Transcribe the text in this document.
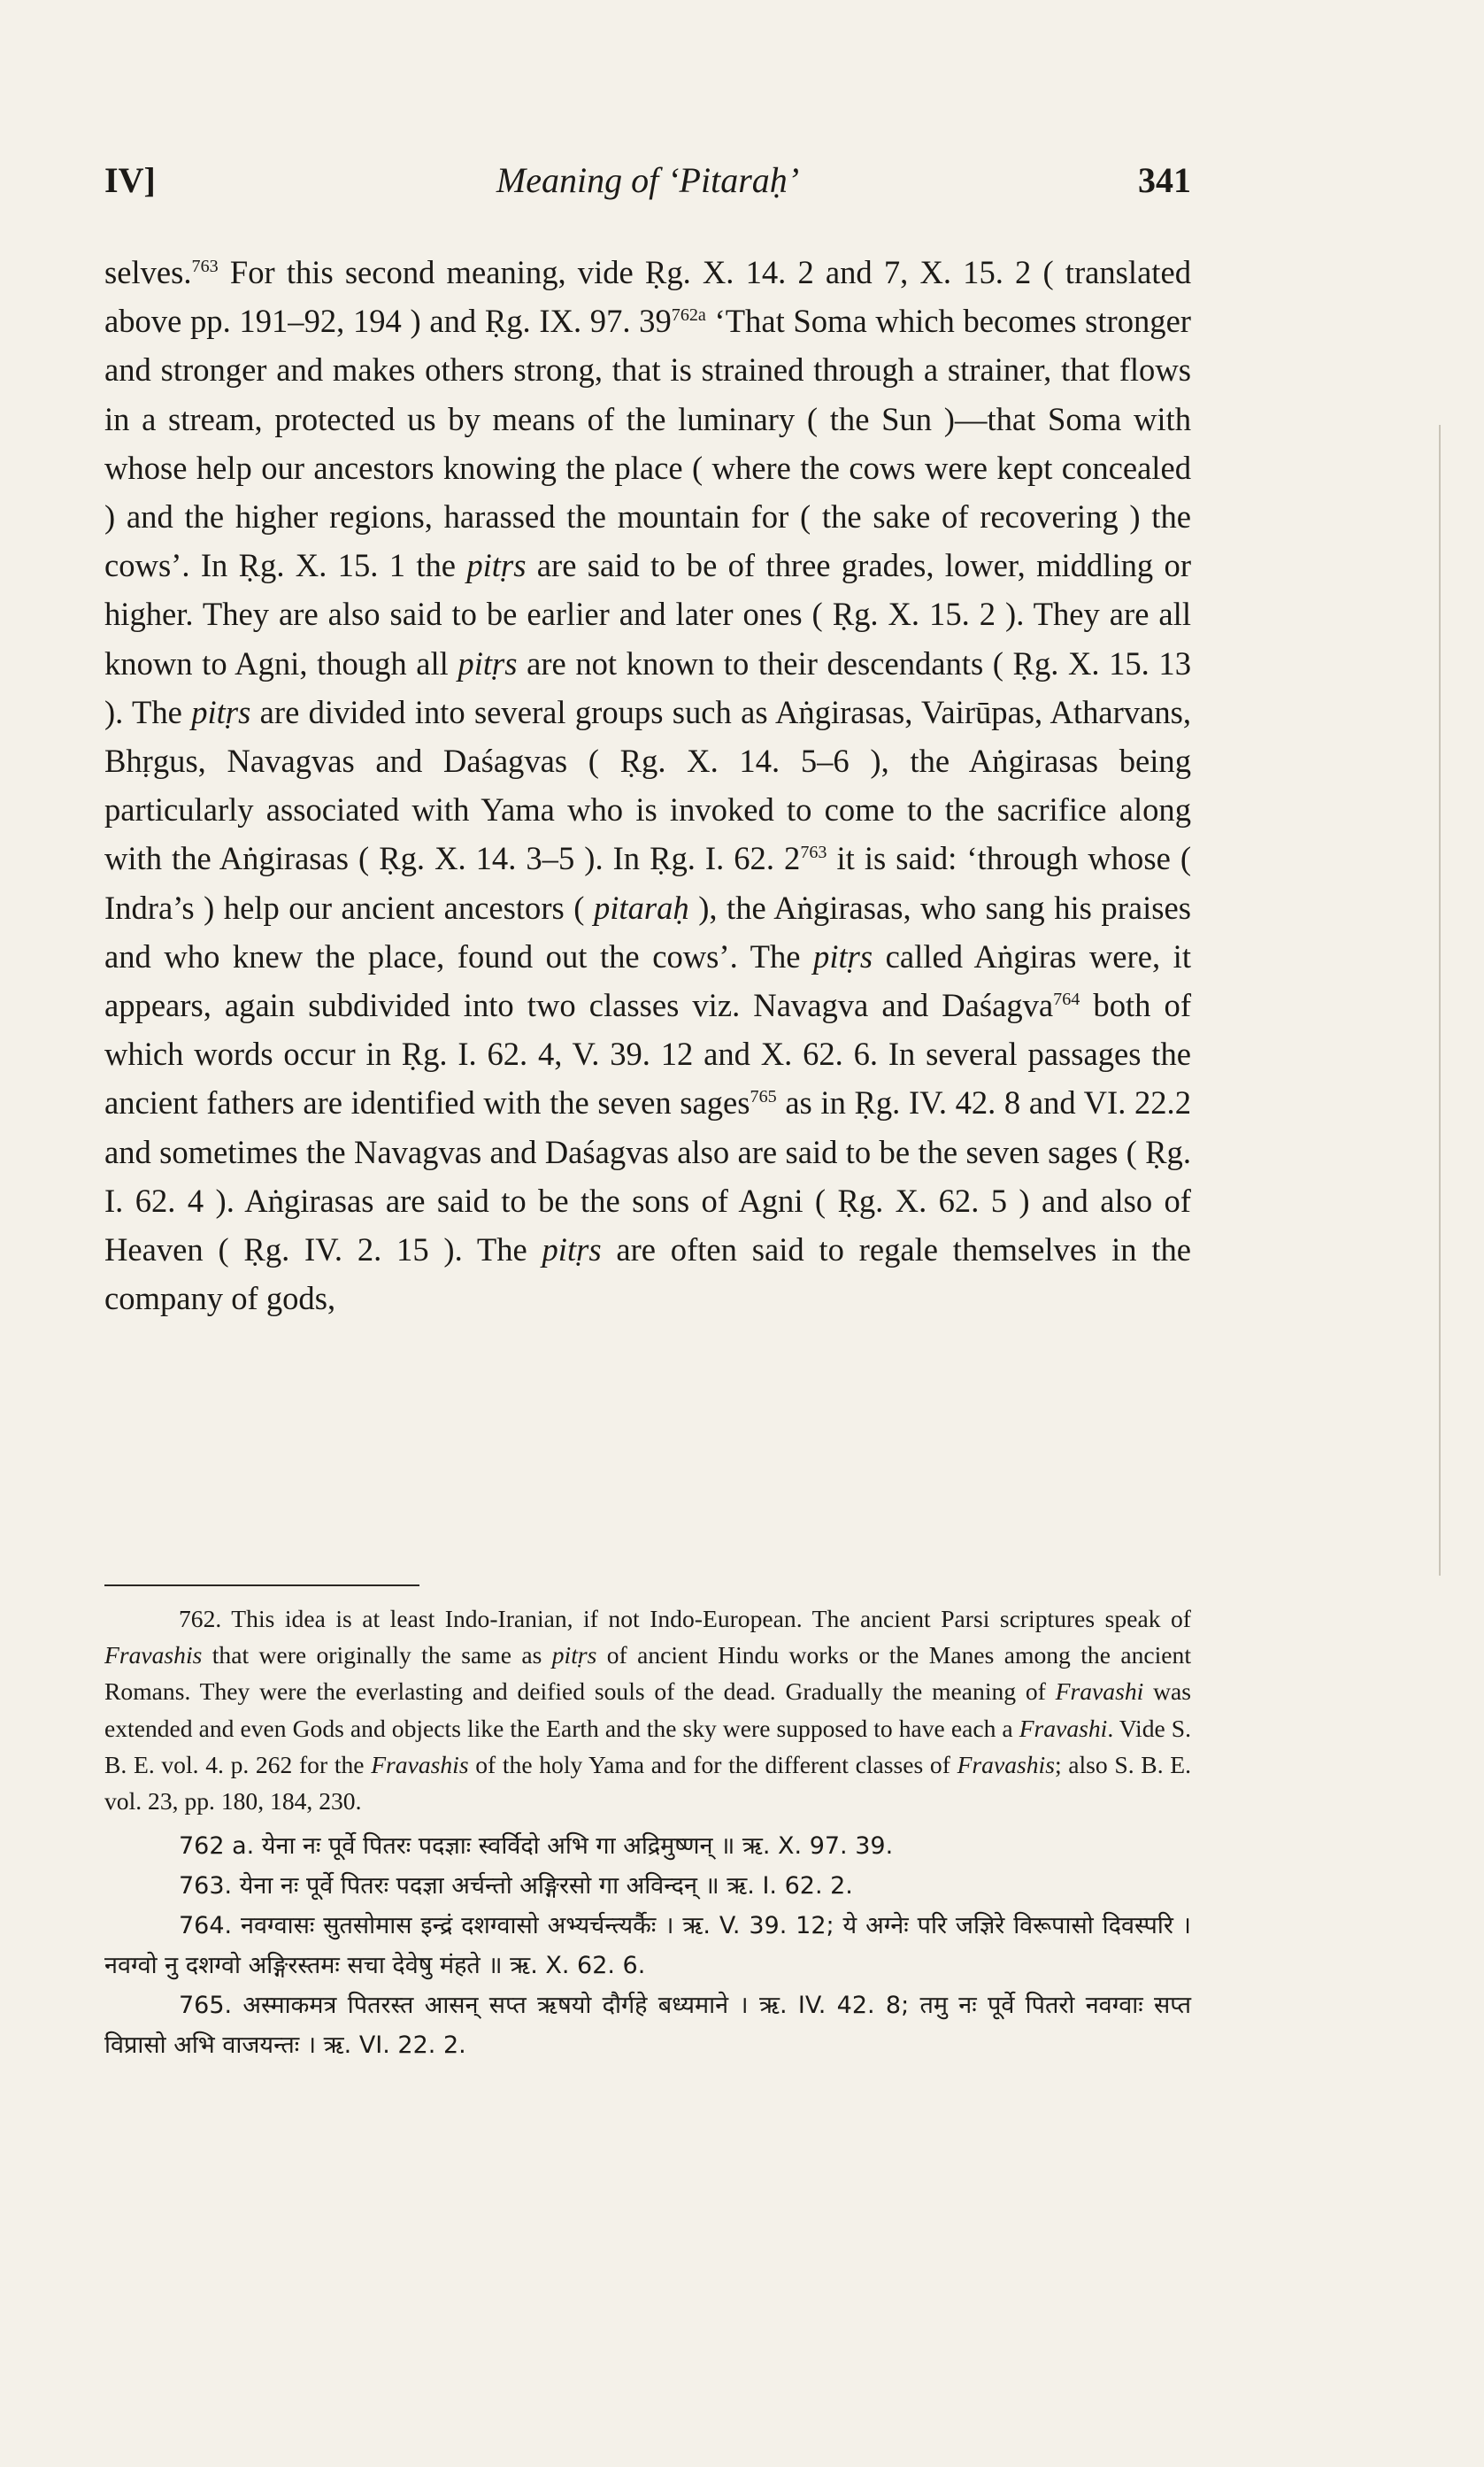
IV]	Meaning of ‘Pitaraḥ’	341
selves.$^{763}$ For this second meaning, vide Ṛg. X. 14. 2 and 7, X. 15. 2 ( translated above pp. 191–92, 194 ) and Ṛg. IX. 97. $39^{762a}$ ‘That Soma which becomes stronger and stronger and makes others strong, that is strained through a strainer, that flows in a stream, protected us by means of the luminary ( the Sun )—that Soma with whose help our ancestors knowing the place ( where the cows were kept concealed ) and the higher regions, harassed the mountain for ( the sake of recovering ) the cows’. In Ṛg. X. 15. 1 the pitṛs are said to be of three grades, lower, middling or higher. They are also said to be earlier and later ones ( Ṛg. X. 15. 2 ). They are all known to Agni, though all pitṛs are not known to their descendants ( Ṛg. X. 15. 13 ). The pitṛs are divided into several groups such as Aṅgirasas, Vairūpas, Atharvans, Bhṛgus, Navagvas and Daśagvas ( Ṛg. X. 14. 5–6 ), the Aṅgirasas being particularly associated with Yama who is invoked to come to the sacrifice along with the Aṅgirasas ( Ṛg. X. 14. 3–5 ). In Ṛg. I. 62. $2^{763}$ it is said: ‘through whose ( Indra’s ) help our ancient ancestors ( pitaraḥ ), the Aṅgirasas, who sang his praises and who knew the place, found out the cows’. The pitṛs called Aṅgiras were, it appears, again subdivided into two classes viz. Navagva and Daśagva$^{764}$ both of which words occur in Ṛg. I. 62. 4, V. 39. 12 and X. 62. 6. In several passages the ancient fathers are identified with the seven sages$^{765}$ as in Ṛg. IV. 42. 8 and VI. 22.2 and sometimes the Navagvas and Daśagvas also are said to be the seven sages ( Ṛg. I. 62. 4 ). Aṅgirasas are said to be the sons of Agni ( Ṛg. X. 62. 5 ) and also of Heaven ( Ṛg. IV. 2. 15 ). The pitṛs are often said to regale themselves in the company of gods,

762. This idea is at least Indo-Iranian, if not Indo-European. The ancient Parsi scriptures speak of Fravashis that were originally the same as pitṛs of ancient Hindu works or the Manes among the ancient Romans. They were the everlasting and deified souls of the dead. Gradually the meaning of Fravashi was extended and even Gods and objects like the Earth and the sky were supposed to have each a Fravashi. Vide S. B. E. vol. 4. p. 262 for the Fravashis of the holy Yama and for the different classes of Fravashis; also S. B. E. vol. 23, pp. 180, 184, 230.

762 a. येना नः पूर्वे पितरः पदज्ञाः स्वर्विदो अभि गा अद्रिमुष्णन् ॥ ऋ. X. 97. 39.

763. येना नः पूर्वे पितरः पदज्ञा अर्चन्तो अङ्गिरसो गा अविन्दन् ॥ ऋ. I. 62. 2.

764. नवग्वासः सुतसोमास इन्द्रं दशग्वासो अभ्यर्चन्त्यर्कैः । ऋ. V. 39. 12; ये अग्नेः परि जज्ञिरे विरूपासो दिवस्परि । नवग्वो नु दशग्वो अङ्गिरस्तमः सचा देवेषु मंहते ॥ ऋ. X. 62. 6.

765. अस्माकमत्र पितरस्त आसन् सप्त ऋषयो दौर्गहे बध्यमाने । ऋ. IV. 42. 8; तमु नः पूर्वे पितरो नवग्वाः सप्त विप्रासो अभि वाजयन्तः । ऋ. VI. 22. 2.
